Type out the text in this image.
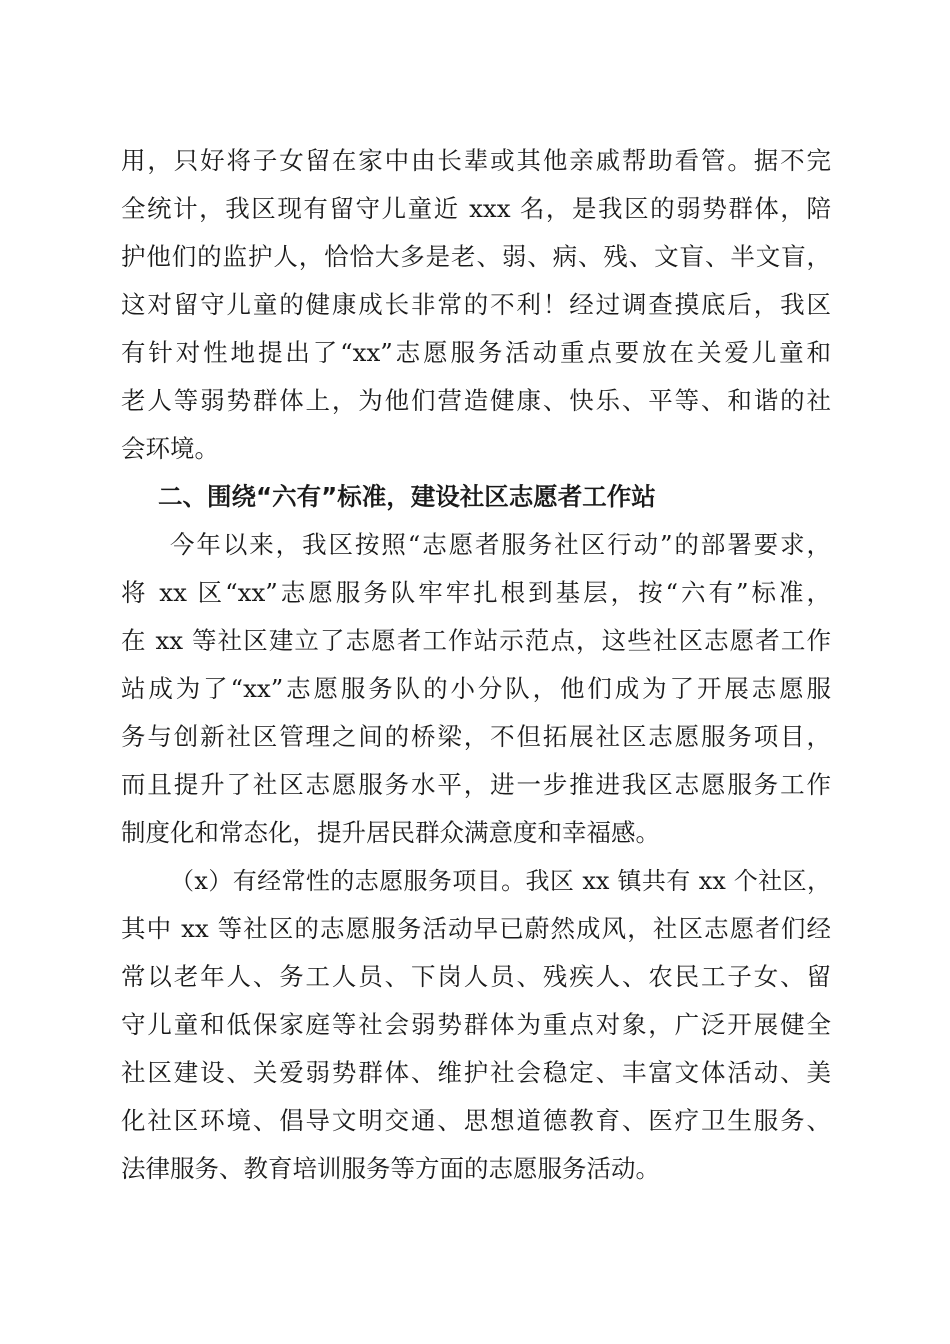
用，只好将子女留在家中由长辈或其他亲戚帮助看管。据不完
全统计，我区现有留守儿童近 xxx 名，是我区的弱势群体，陪
护他们的监护人，恰恰大多是老、弱、病、残、文盲、半文盲，
这对留守儿童的健康成长非常的不利！经过调查摸底后，我区
有针对性地提出了“xx”志愿服务活动重点要放在关爱儿童和
老人等弱势群体上，为他们营造健康、快乐、平等、和谐的社
会环境。
二、围绕“六有”标准，建设社区志愿者工作站
今年以来，我区按照“志愿者服务社区行动”的部署要求，
将 xx 区“xx”志愿服务队牢牢扎根到基层，按“六有”标准，
在 xx 等社区建立了志愿者工作站示范点，这些社区志愿者工作
站成为了“xx”志愿服务队的小分队，他们成为了开展志愿服
务与创新社区管理之间的桥梁，不但拓展社区志愿服务项目，
而且提升了社区志愿服务水平，进一步推进我区志愿服务工作
制度化和常态化，提升居民群众满意度和幸福感。
（x）有经常性的志愿服务项目。我区 xx 镇共有 xx 个社区，
其中 xx 等社区的志愿服务活动早已蔚然成风，社区志愿者们经
常以老年人、务工人员、下岗人员、残疾人、农民工子女、留
守儿童和低保家庭等社会弱势群体为重点对象，广泛开展健全
社区建设、关爱弱势群体、维护社会稳定、丰富文体活动、美
化社区环境、倡导文明交通、思想道德教育、医疗卫生服务、
法律服务、教育培训服务等方面的志愿服务活动。
